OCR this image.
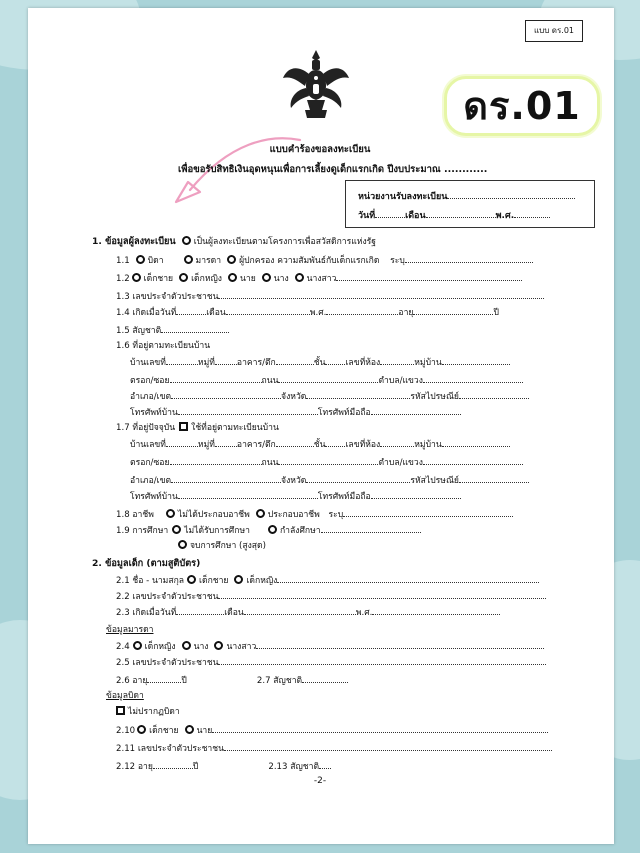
แบบ ดร.01
ดร.01
แบบคำร้องขอลงทะเบียน
เพื่อขอรับสิทธิเงินอุดหนุนเพื่อการเลี้ยงดูเด็กแรกเกิด ปีงบประมาณ ............
หน่วยงานรับลงทะเบียน
วันที่	เดือน	พ.ศ.
1. ข้อมูลผู้ลงทะเบียน เป็นผู้ลงทะเบียนตามโครงการเพื่อสวัสดิการแห่งรัฐ
1.1 บิดา	มารดา ผู้ปกครอง ความสัมพันธ์กับเด็กแรกเกิด ระบุ
1.2 เด็กชาย เด็กหญิง นาย นาง นางสาว
1.3 เลขประจำตัวประชาชน
1.4 เกิดเมื่อวันที่	เดือน	พ.ศ.	อายุ	ปี
1.5 สัญชาติ
1.6 ที่อยู่ตามทะเบียนบ้าน
บ้านเลขที่	หมู่ที่	อาคาร/ตึก	ชั้น เลขที่ห้อง	หมู่บ้าน
ตรอก/ซอย	ถนน	ตำบล/แขวง
อำเภอ/เขต	จังหวัด	รหัสไปรษณีย์
โทรศัพท์บ้าน	โทรศัพท์มือถือ
1.7 ที่อยู่ปัจจุบัน ใช้ที่อยู่ตามทะเบียนบ้าน
บ้านเลขที่	หมู่ที่	อาคาร/ตึก	ชั้น เลขที่ห้อง	หมู่บ้าน
ตรอก/ซอย	ถนน	ตำบล/แขวง
อำเภอ/เขต	จังหวัด	รหัสไปรษณีย์
โทรศัพท์บ้าน	โทรศัพท์มือถือ
1.8 อาชีพ	ไม่ได้ประกอบอาชีพ ประกอบอาชีพ ระบุ
1.9 การศึกษา ไม่ได้รับการศึกษา	กำลังศึกษา
จบการศึกษา (สูงสุด)
2. ข้อมูลเด็ก (ตามสูติบัตร)
2.1 ชื่อ - นามสกุล เด็กชาย เด็กหญิง
2.2 เลขประจำตัวประชาชน
2.3 เกิดเมื่อวันที่	เดือน	พ.ศ.
ข้อมูลมารดา
2.4 เด็กหญิง นาง นางสาว
2.5 เลขประจำตัวประชาชน
2.6 อายุ	ปี	2.7 สัญชาติ
ข้อมูลบิดา
ไม่ปรากฏบิดา
2.10 เด็กชาย นาย
2.11 เลขประจำตัวประชาชน
2.12 อายุ	ปี	2.13 สัญชาติ
-2-
